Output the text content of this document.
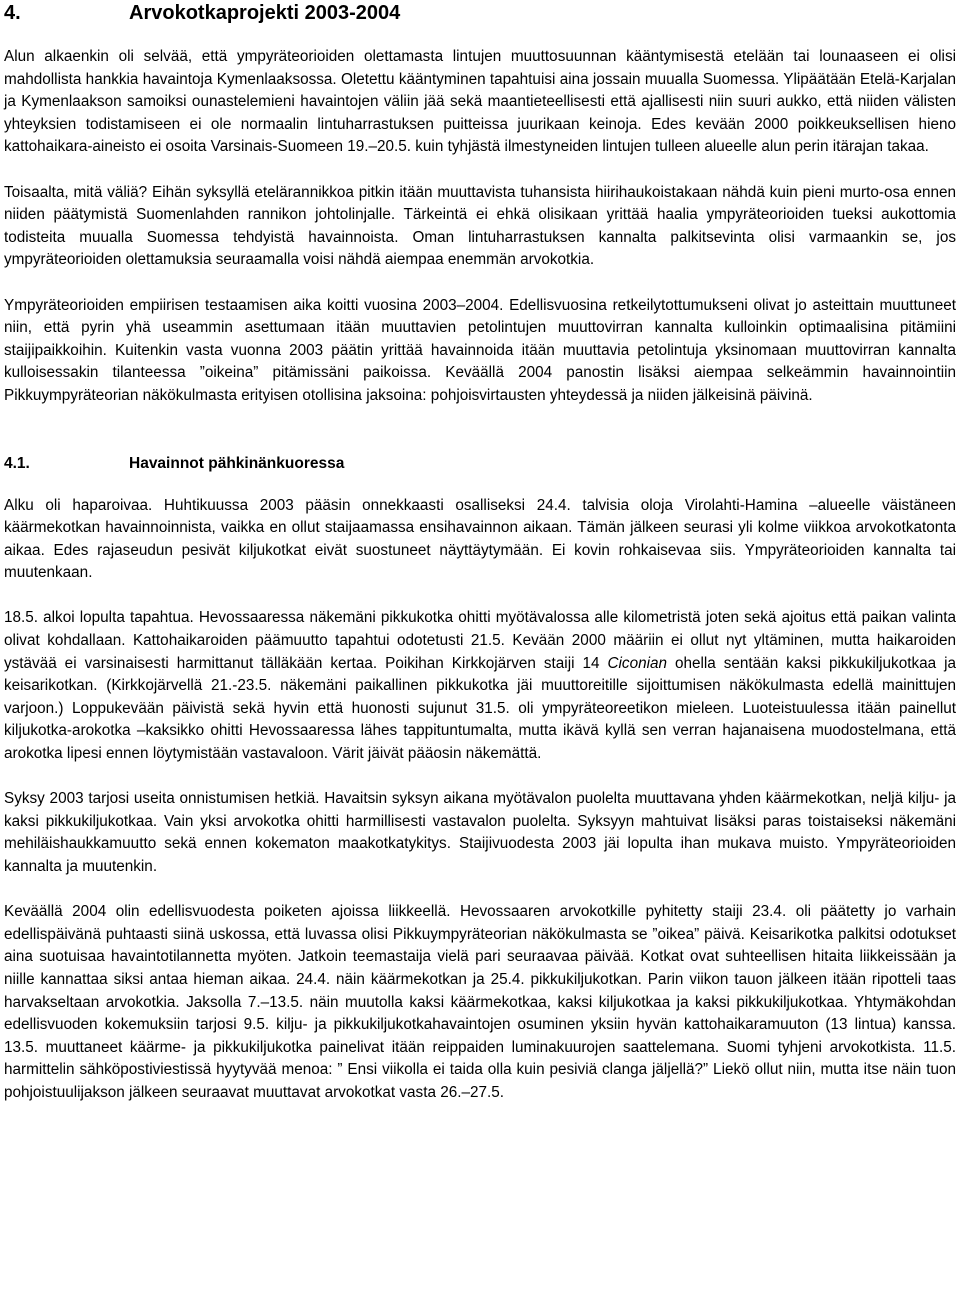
4.	Arvokotkaprojekti 2003-2004

Alun alkaenkin oli selvää, että ympyräteorioiden olettamasta lintujen muuttosuunnan kääntymisestä etelään tai lounaaseen ei olisi mahdollista hankkia havaintoja Kymenlaaksossa. Oletettu kääntyminen tapahtuisi aina jossain muualla Suomessa. Ylipäätään Etelä-Karjalan ja Kymenlaakson samoiksi ounastelemieni havaintojen väliin jää sekä maantieteellisesti että ajallisesti niin suuri aukko, että niiden välisten yhteyksien todistamiseen ei ole normaalin lintuharrastuksen puitteissa juurikaan keinoja. Edes kevään 2000 poikkeuksellisen hieno kattohaikara-aineisto ei osoita Varsinais-Suomeen 19.–20.5. kuin tyhjästä ilmestyneiden lintujen tulleen alueelle alun perin itärajan takaa.

Toisaalta, mitä väliä? Eihän syksyllä etelärannikkoa pitkin itään muuttavista tuhansista hiirihaukoistakaan nähdä kuin pieni murto-osa ennen niiden päätymistä Suomenlahden rannikon johtolinjalle. Tärkeintä ei ehkä olisikaan yrittää haalia ympyräteorioiden tueksi aukottomia todisteita muualla Suomessa tehdyistä havainnoista. Oman lintuharrastuksen kannalta palkitsevinta olisi varmaankin se, jos ympyräteorioiden olettamuksia seuraamalla voisi nähdä aiempaa enemmän arvokotkia.

Ympyräteorioiden empiirisen testaamisen aika koitti vuosina 2003–2004. Edellisvuosina retkeilytottumukseni olivat jo asteittain muuttuneet niin, että pyrin yhä useammin asettumaan itään muuttavien petolintujen muuttovirran kannalta kulloinkin optimaalisina pitämiini staijipaikkoihin. Kuitenkin vasta vuonna 2003 päätin yrittää havainnoida itään muuttavia petolintuja yksinomaan muuttovirran kannalta kulloisessakin tilanteessa ”oikeina” pitämissäni paikoissa. Keväällä 2004 panostin lisäksi aiempaa selkeämmin havainnointiin Pikkuympyräteorian näkökulmasta erityisen otollisina jaksoina: pohjoisvirtausten yhteydessä ja niiden jälkeisinä päivinä.

4.1.	Havainnot pähkinänkuoressa

Alku oli haparoivaa. Huhtikuussa 2003 pääsin onnekkaasti osalliseksi 24.4. talvisia oloja Virolahti-Hamina –alueelle väistäneen käärmekotkan havainnoinnista, vaikka en ollut staijaamassa ensihavainnon aikaan. Tämän jälkeen seurasi yli kolme viikkoa arvokotkatonta aikaa. Edes rajaseudun pesivät kiljukotkat eivät suostuneet näyttäytymään. Ei kovin rohkaisevaa siis. Ympyräteorioiden kannalta tai muutenkaan.

18.5. alkoi lopulta tapahtua. Hevossaaressa näkemäni pikkukotka ohitti myötävalossa alle kilometristä joten sekä ajoitus että paikan valinta olivat kohdallaan. Kattohaikaroiden päämuutto tapahtui odotetusti 21.5. Kevään 2000 määriin ei ollut nyt yltäminen, mutta haikaroiden ystävää ei varsinaisesti harmittanut tälläkään kertaa. Poikihan Kirkkojärven staiji 14 Ciconian ohella sentään kaksi pikkukiljukotkaa ja keisarikotkan. (Kirkkojärvellä 21.-23.5. näkemäni paikallinen pikkukotka jäi muuttoreitille sijoittumisen näkökulmasta edellä mainittujen varjoon.) Loppukevään päivistä sekä hyvin että huonosti sujunut 31.5. oli ympyräteoreetikon mieleen. Luoteistuulessa itään painellut kiljukotka-arokotka –kaksikko ohitti Hevossaaressa lähes tappituntumalta, mutta ikävä kyllä sen verran hajanaisena muodostelmana, että arokotka lipesi ennen löytymistään vastavaloon. Värit jäivät pääosin näkemättä.

Syksy 2003 tarjosi useita onnistumisen hetkiä. Havaitsin syksyn aikana myötävalon puolelta muuttavana yhden käärmekotkan, neljä kilju- ja kaksi pikkukiljukotkaa. Vain yksi arvokotka ohitti harmillisesti vastavalon puolelta. Syksyyn mahtuivat lisäksi paras toistaiseksi näkemäni mehiläishaukkamuutto sekä ennen kokematon maakotkatykitys. Staijivuodesta 2003 jäi lopulta ihan mukava muisto. Ympyräteorioiden kannalta ja muutenkin.

Keväällä 2004 olin edellisvuodesta poiketen ajoissa liikkeellä. Hevossaaren arvokotkille pyhitetty staiji 23.4. oli päätetty jo varhain edellispäivänä puhtaasti siinä uskossa, että luvassa olisi Pikkuympyräteorian näkökulmasta se ”oikea” päivä. Keisarikotka palkitsi odotukset aina suotuisaa havaintotilannetta myöten. Jatkoin teemastaija vielä pari seuraavaa päivää. Kotkat ovat suhteellisen hitaita liikkeissään ja niille kannattaa siksi antaa hieman aikaa. 24.4. näin käärmekotkan ja 25.4. pikkukiljukotkan. Parin viikon tauon jälkeen itään ripotteli taas harvakseltaan arvokotkia. Jaksolla 7.–13.5. näin muutolla kaksi käärmekotkaa, kaksi kiljukotkaa ja kaksi pikkukiljukotkaa. Yhtymäkohdan edellisvuoden kokemuksiin tarjosi 9.5. kilju- ja pikkukiljukotkahavaintojen osuminen yksiin hyvän kattohaikaramuuton (13 lintua) kanssa. 13.5. muuttaneet käärme- ja pikkukiljukotka painelivat itään reippaiden luminakuurojen saattelemana. Suomi tyhjeni arvokotkista. 11.5. harmittelin sähköpostiviestissä hyytyvää menoa: ” Ensi viikolla ei taida olla kuin pesiviä clanga jäljellä?” Liekö ollut niin, mutta itse näin tuon pohjoistuulijakson jälkeen seuraavat muuttavat arvokotkat vasta 26.–27.5.
